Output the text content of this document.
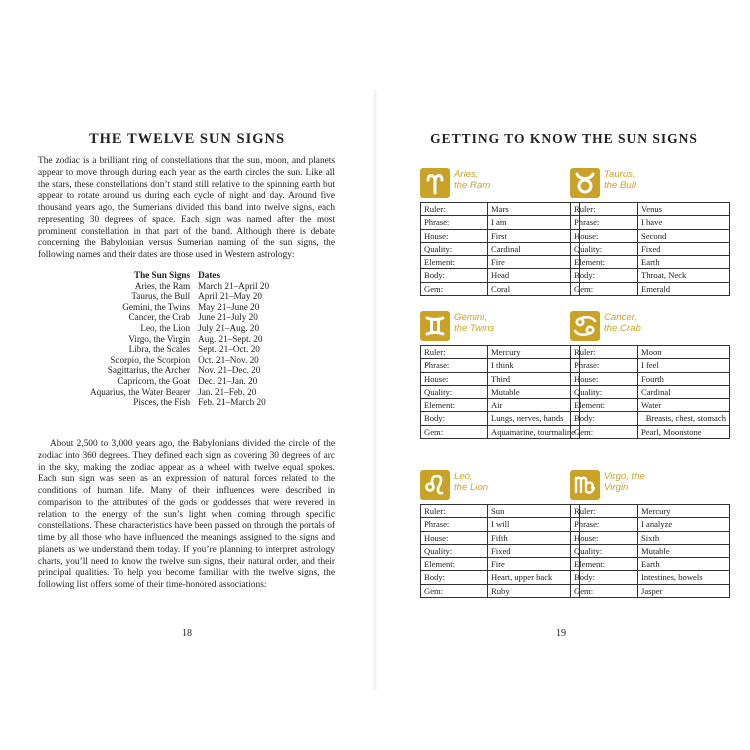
THE TWELVE SUN SIGNS

The zodiac is a brilliant ring of constellations that the sun, moon, and planets appear to move through during each year as the earth circles the sun. Like all the stars, these constellations don’t stand still relative to the spinning earth but appear to rotate around us during each cycle of night and day. Around five thousand years ago, the Sumerians divided this band into twelve signs, each representing 30 degrees of space. Each sign was named after the most prominent constellation in that part of the band. Although there is debate concerning the Babylonian versus Sumerian naming of the sun signs, the following names and their dates are those used in Western astrology:

The Sun Signs	Dates
Aries, the Ram	March 21–April 20
Taurus, the Bull	April 21–May 20
Gemini, the Twins	May 21–June 20
Cancer, the Crab	June 21–July 20
Leo, the Lion	July 21–Aug. 20
Virgo, the Virgin	Aug. 21–Sept. 20
Libra, the Scales	Sept. 21–Oct. 20
Scorpio, the Scorpion	Oct. 21–Nov. 20
Sagittarius, the Archer	Nov. 21–Dec. 20
Capricorn, the Goat	Dec. 21–Jan. 20
Aquarius, the Water Bearer	Jan. 21–Feb. 20
Pisces, the Fish	Feb. 21–March 20

About 2,500 to 3,000 years ago, the Babylonians divided the circle of the zodiac into 360 degrees. They defined each sign as covering 30 degrees of arc in the sky, making the zodiac appear as a wheel with twelve equal spokes. Each sun sign was seen as an expression of natural forces related to the conditions of human life. Many of their influences were described in comparison to the attributes of the gods or goddesses that were revered in relation to the energy of the sun’s light when coming through specific constellations. These characteristics have been passed on through the portals of time by all those who have influenced the meanings assigned to the signs and planets as we understand them today. If you’re planning to interpret astrology charts, you’ll need to know the twelve sun signs, their natural order, and their principal qualities. To help you become familiar with the twelve signs, the following list offers some of their time-honored associations:

18
GETTING TO KNOW THE SUN SIGNS
Aries,
the Ram
Ruler:	Mars
Phrase:	I am
House:	First
Quality:	Cardinal
Element:	Fire
Body:	Head
Gem:	Coral
Taurus,
the Bull
Ruler:	Venus
Phrase:	I have
House:	Second
Quality:	Fixed
Element:	Earth
Body:	Throat, Neck
Gem:	Emerald
Gemini,
the Twins
Ruler:	Mercury
Phrase:	I think
House:	Third
Quality:	Mutable
Element:	Air
Body:	Lungs, nerves, hands
Gem:	Aquamarine, tourmaline
Cancer,
the Crab
Ruler:	Moon
Phrase:	I feel
House:	Fourth
Quality:	Cardinal
Element:	Water
Body:	Breasts, chest, stomach
Gem:	Pearl, Moonstone
Leo,
the Lion
Ruler:	Sun
Phrase:	I will
House:	Fifth
Quality:	Fixed
Element:	Fire
Body:	Heart, upper back
Gem:	Ruby
Virgo, the
Virgin
Ruler:	Mercury
Phrase:	I analyze
House:	Sixth
Quality:	Mutable
Element:	Earth
Body:	Intestines, bowels
Gem:	Jasper
19
